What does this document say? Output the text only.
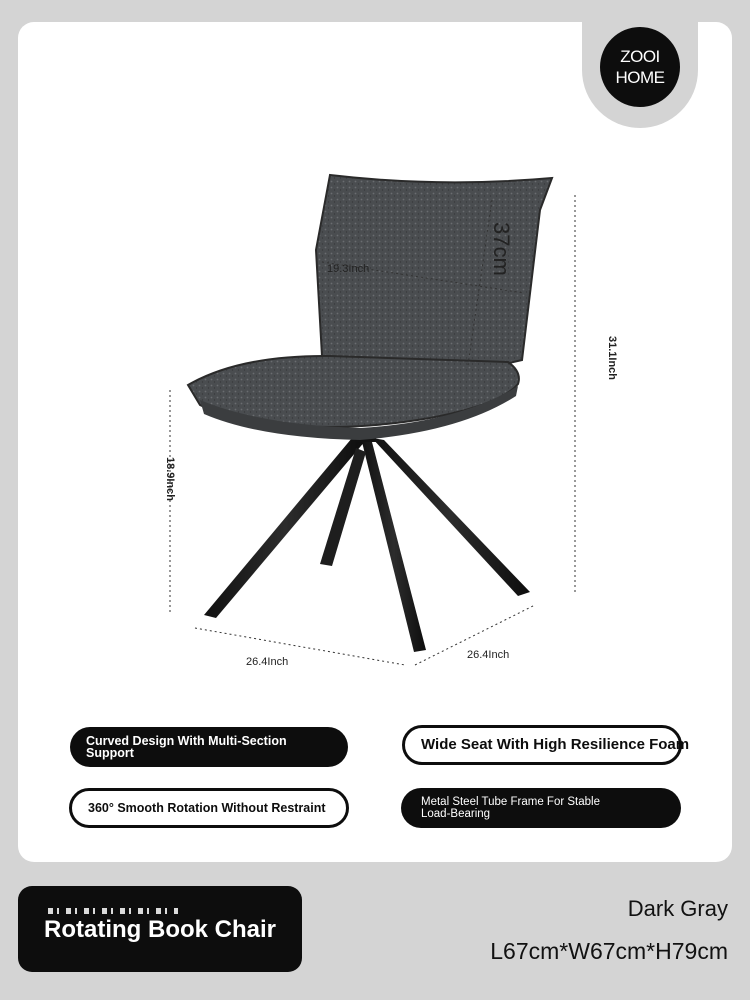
ZOOI
HOME
37cm
19.3Inch
31.1Inch
18.9Inch
26.4Inch
26.4Inch
Curved Design With Multi-Section Support	Wide Seat With High Resilience Foam
360° Smooth Rotation Without Restraint	Metal Steel Tube Frame For Stable Load-Bearing
Rotating Book Chair
Dark Gray
L67cm*W67cm*H79cm
